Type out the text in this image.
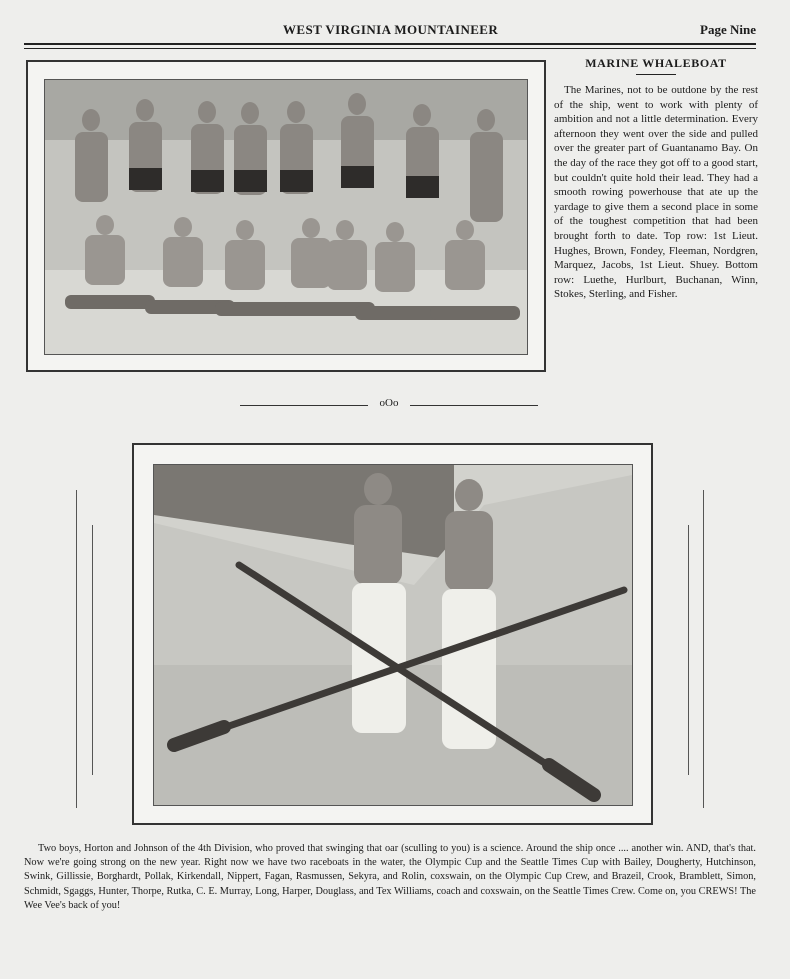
WEST VIRGINIA MOUNTAINEER	Page Nine
MARINE WHALEBOAT

The Marines, not to be outdone by the rest of the ship, went to work with plenty of ambition and not a little determination. Every afternoon they went over the side and pulled over the greater part of Guantanamo Bay. On the day of the race they got off to a good start, but couldn't quite hold their lead. They had a smooth rowing powerhouse that ate up the yardage to give them a second place in some of the toughest competition that had been brought forth to date. Top row: 1st Lieut. Hughes, Brown, Fondey, Fleeman, Nordgren, Marquez, Jacobs, 1st Lieut. Shuey. Bottom row: Luethe, Hurlburt, Buchanan, Winn, Stokes, Sterling, and Fisher.

oOo

Two boys, Horton and Johnson of the 4th Division, who proved that swinging that oar (sculling to you) is a science. Around the ship once .... another win. AND, that's that. Now we're going strong on the new year. Right now we have two raceboats in the water, the Olympic Cup and the Seattle Times Cup with Bailey, Dougherty, Hutchinson, Swink, Gillissie, Borghardt, Pollak, Kirkendall, Nippert, Fagan, Rasmussen, Sekyra, and Rolin, coxswain, on the Olympic Cup Crew, and Brazeil, Crook, Bramblett, Simon, Schmidt, Sgaggs, Hunter, Thorpe, Rutka, C. E. Murray, Long, Harper, Douglass, and Tex Williams, coach and coxswain, on the Seattle Times Crew. Come on, you CREWS! The Wee Vee's back of you!
